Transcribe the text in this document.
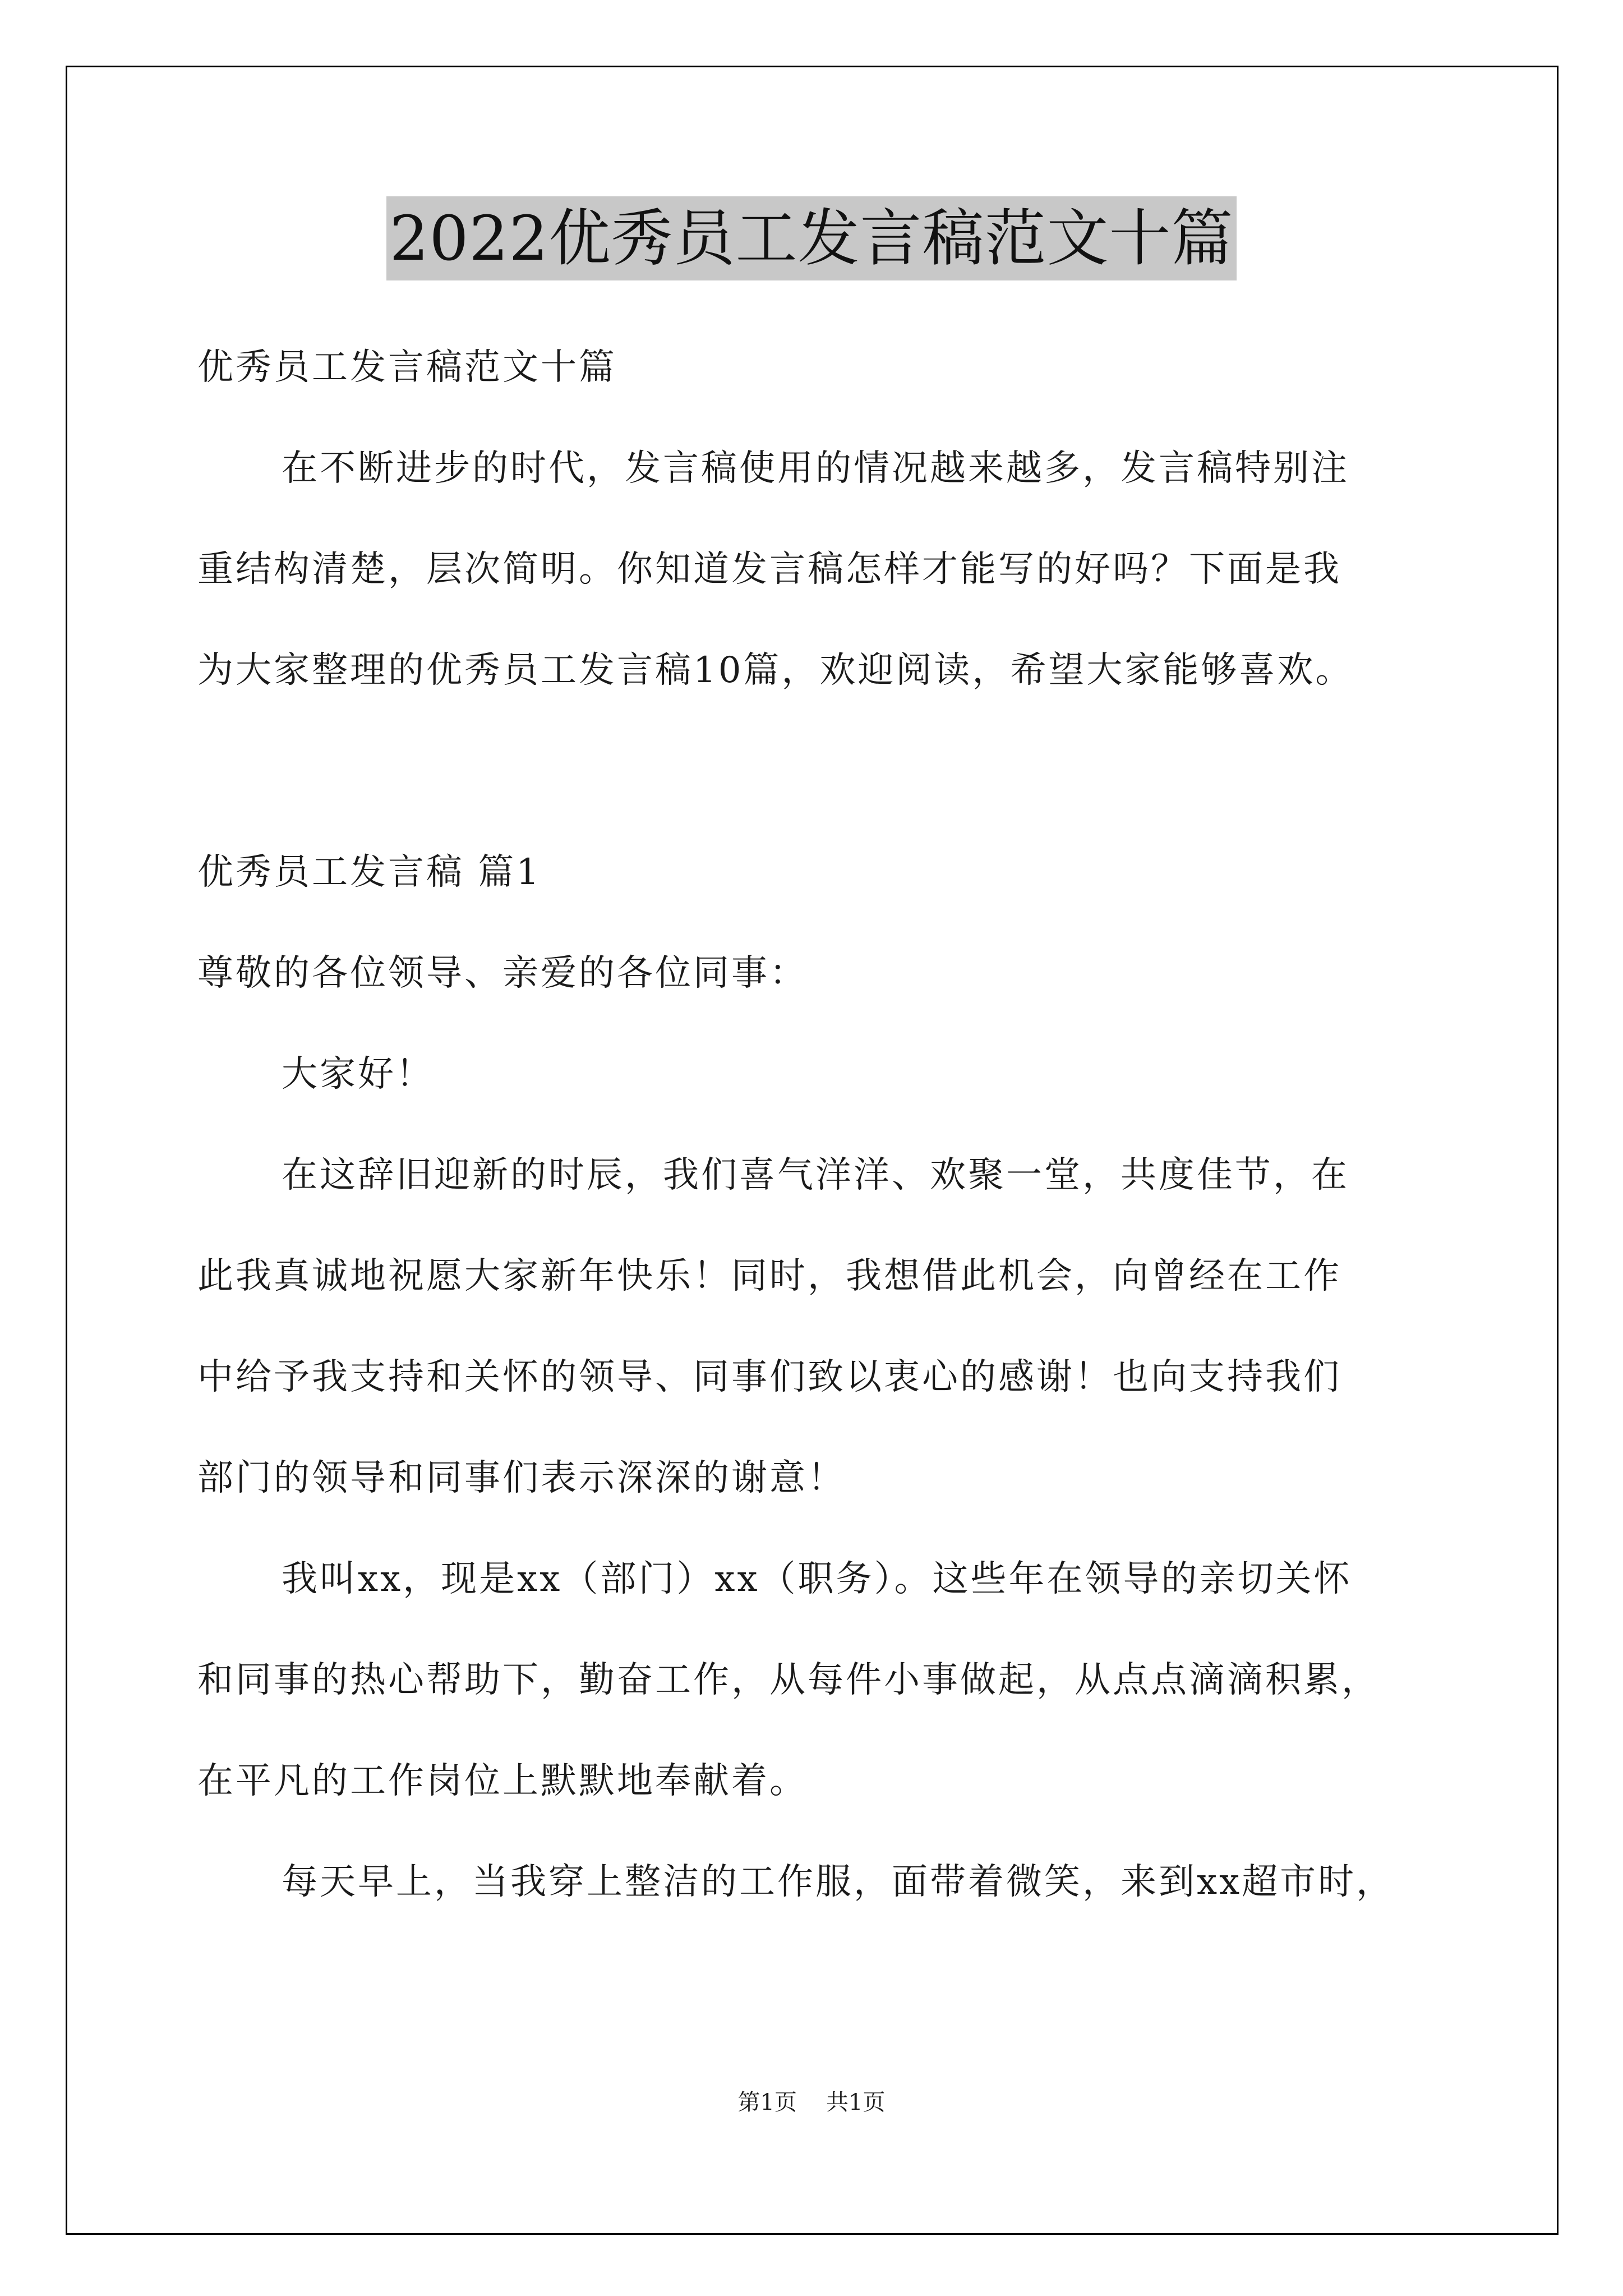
2022优秀员工发言稿范文十篇
优秀员工发言稿范文十篇
在不断进步的时代，发言稿使用的情况越来越多，发言稿特别注
重结构清楚，层次简明。你知道发言稿怎样才能写的好吗？下面是我
为大家整理的优秀员工发言稿10篇，欢迎阅读，希望大家能够喜欢。
优秀员工发言稿 篇1
尊敬的各位领导、亲爱的各位同事：
大家好！
在这辞旧迎新的时辰，我们喜气洋洋、欢聚一堂，共度佳节，在
此我真诚地祝愿大家新年快乐！同时，我想借此机会，向曾经在工作
中给予我支持和关怀的领导、同事们致以衷心的感谢！也向支持我们
部门的领导和同事们表示深深的谢意！
我叫xx，现是xx（部门）xx（职务）。这些年在领导的亲切关怀
和同事的热心帮助下，勤奋工作，从每件小事做起，从点点滴滴积累，
在平凡的工作岗位上默默地奉献着。
每天早上，当我穿上整洁的工作服，面带着微笑，来到xx超市时，
第1页 共1页
